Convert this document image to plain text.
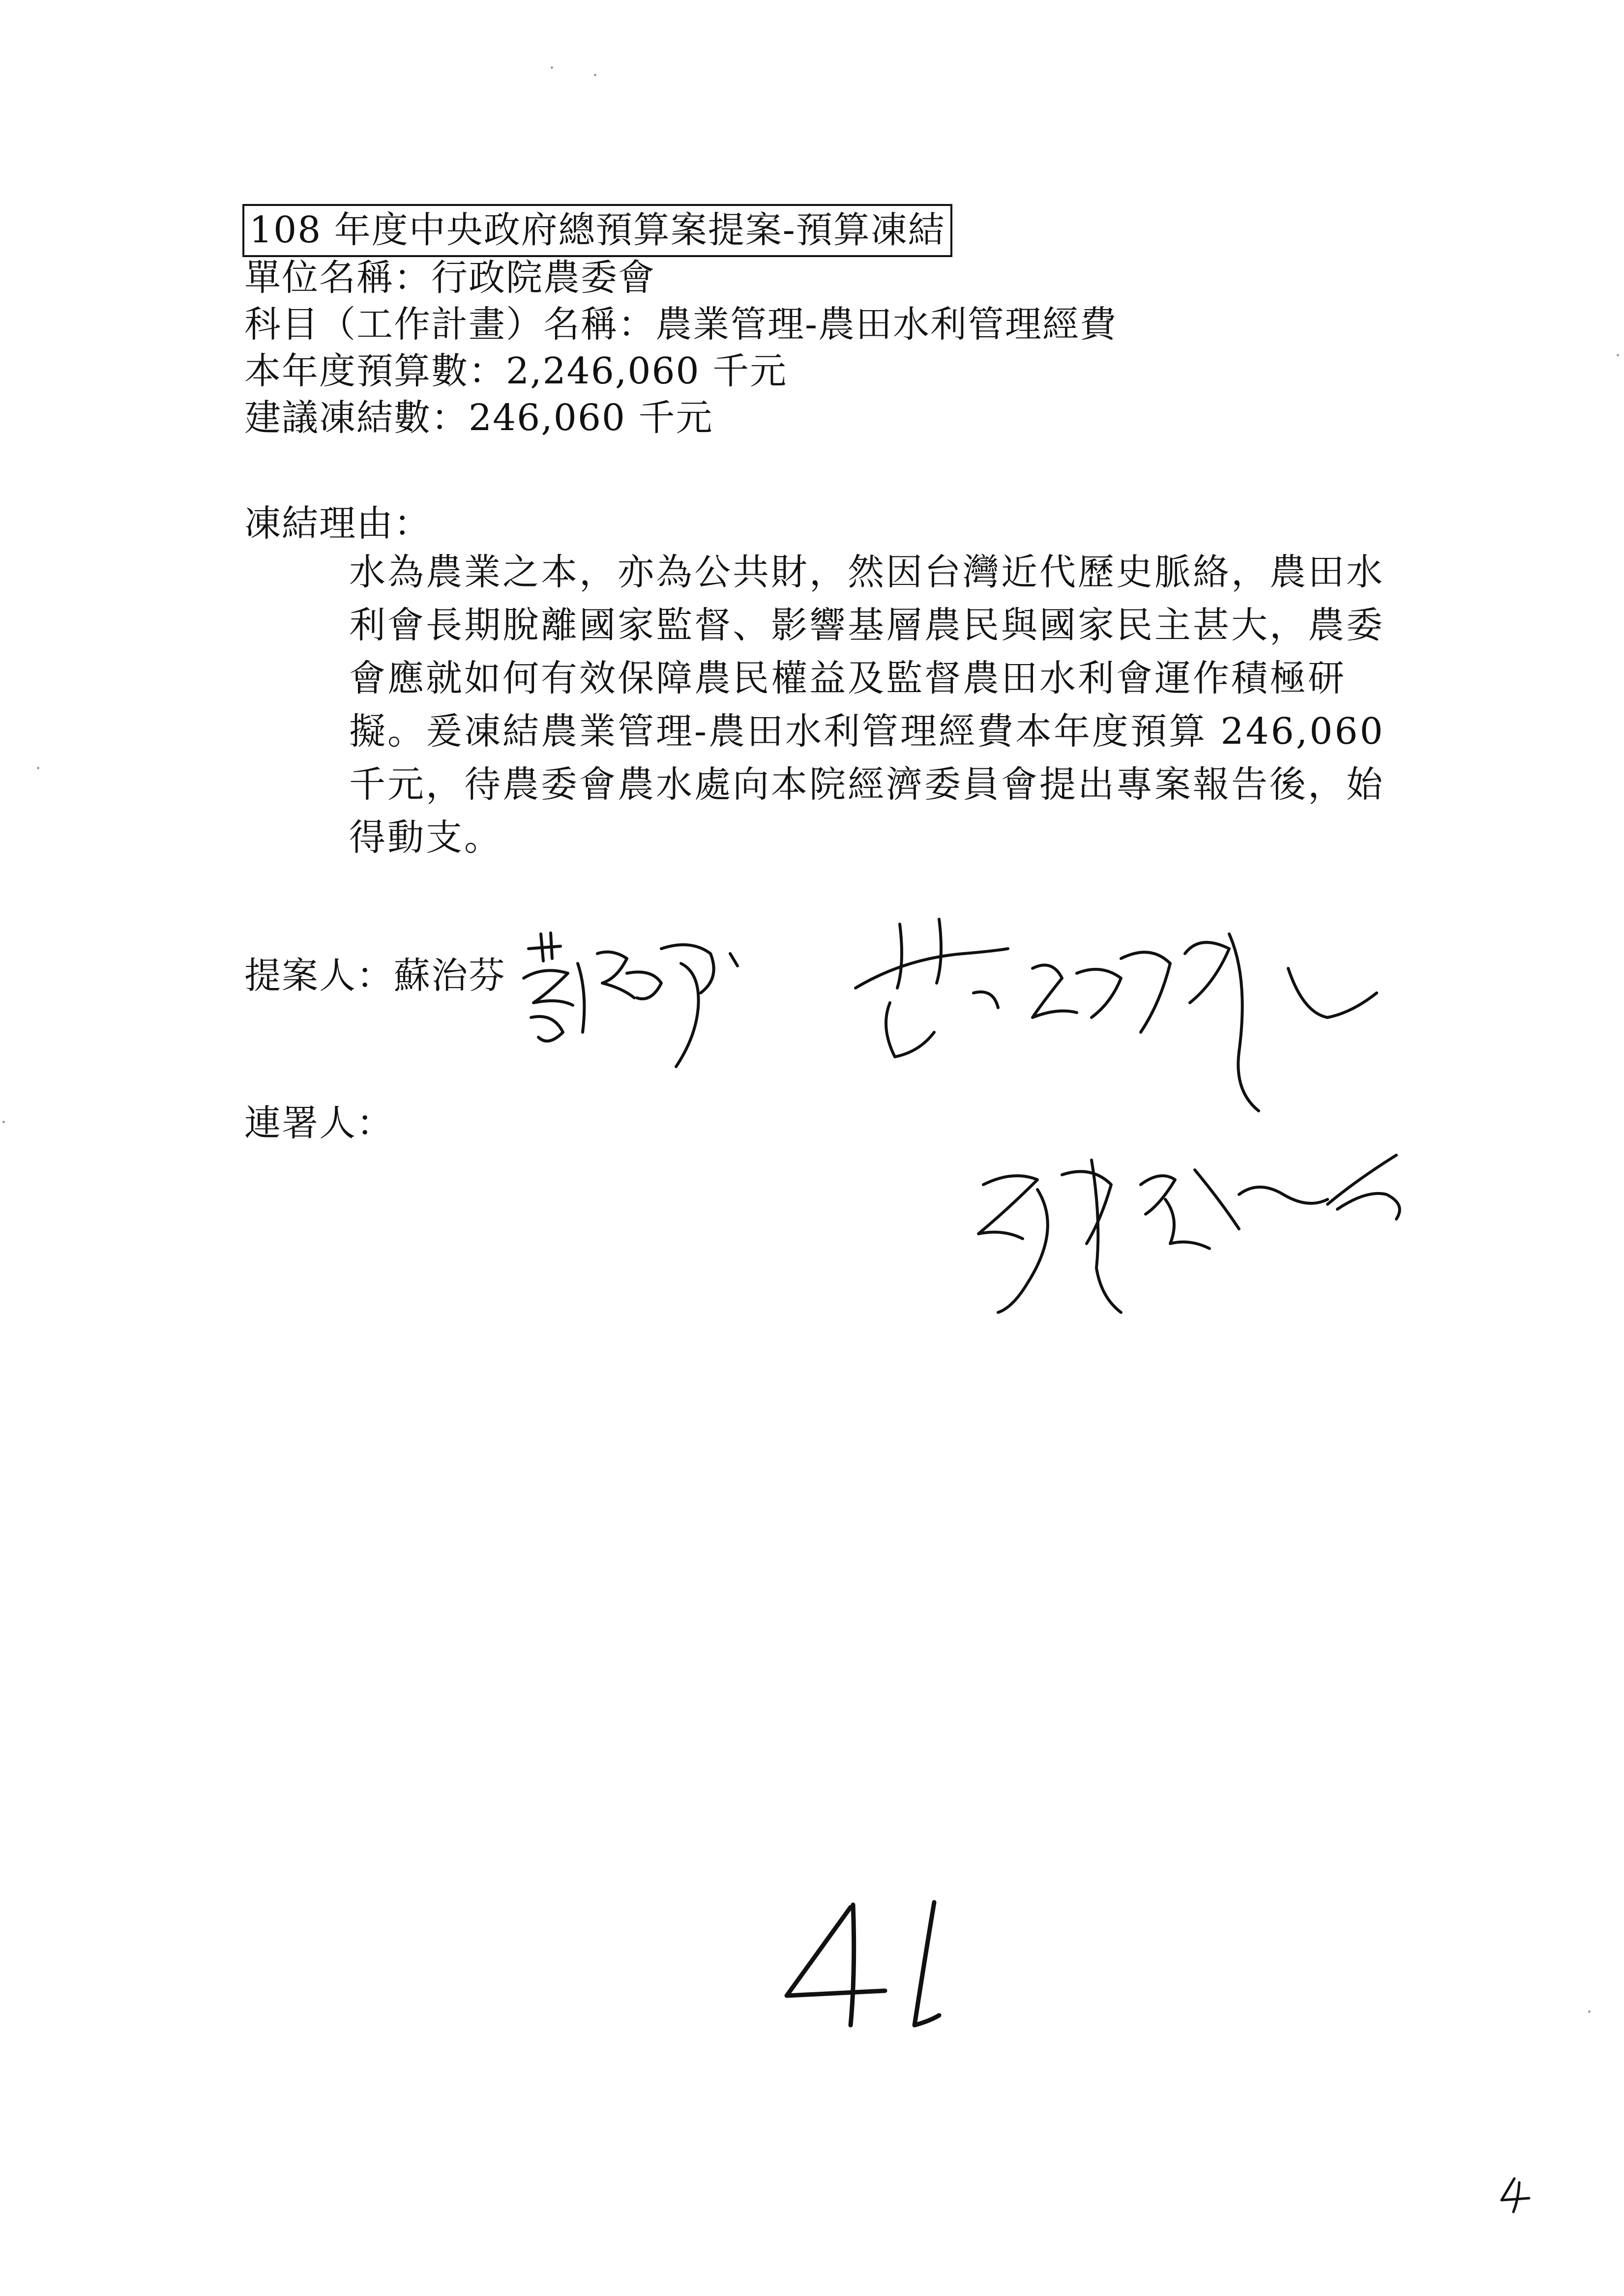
108 年度中央政府總預算案提案-預算凍結
單位名稱：行政院農委會
科目（工作計畫）名稱：農業管理-農田水利管理經費
本年度預算數：2,246,060 千元
建議凍結數：246,060 千元
凍結理由：
水為農業之本，亦為公共財，然因台灣近代歷史脈絡，農田水
利會長期脫離國家監督、影響基層農民與國家民主甚大，農委
會應就如何有效保障農民權益及監督農田水利會運作積極研
擬。爰凍結農業管理-農田水利管理經費本年度預算 246,060
千元，待農委會農水處向本院經濟委員會提出專案報告後，始
得動支。
提案人：蘇治芬
連署人：
